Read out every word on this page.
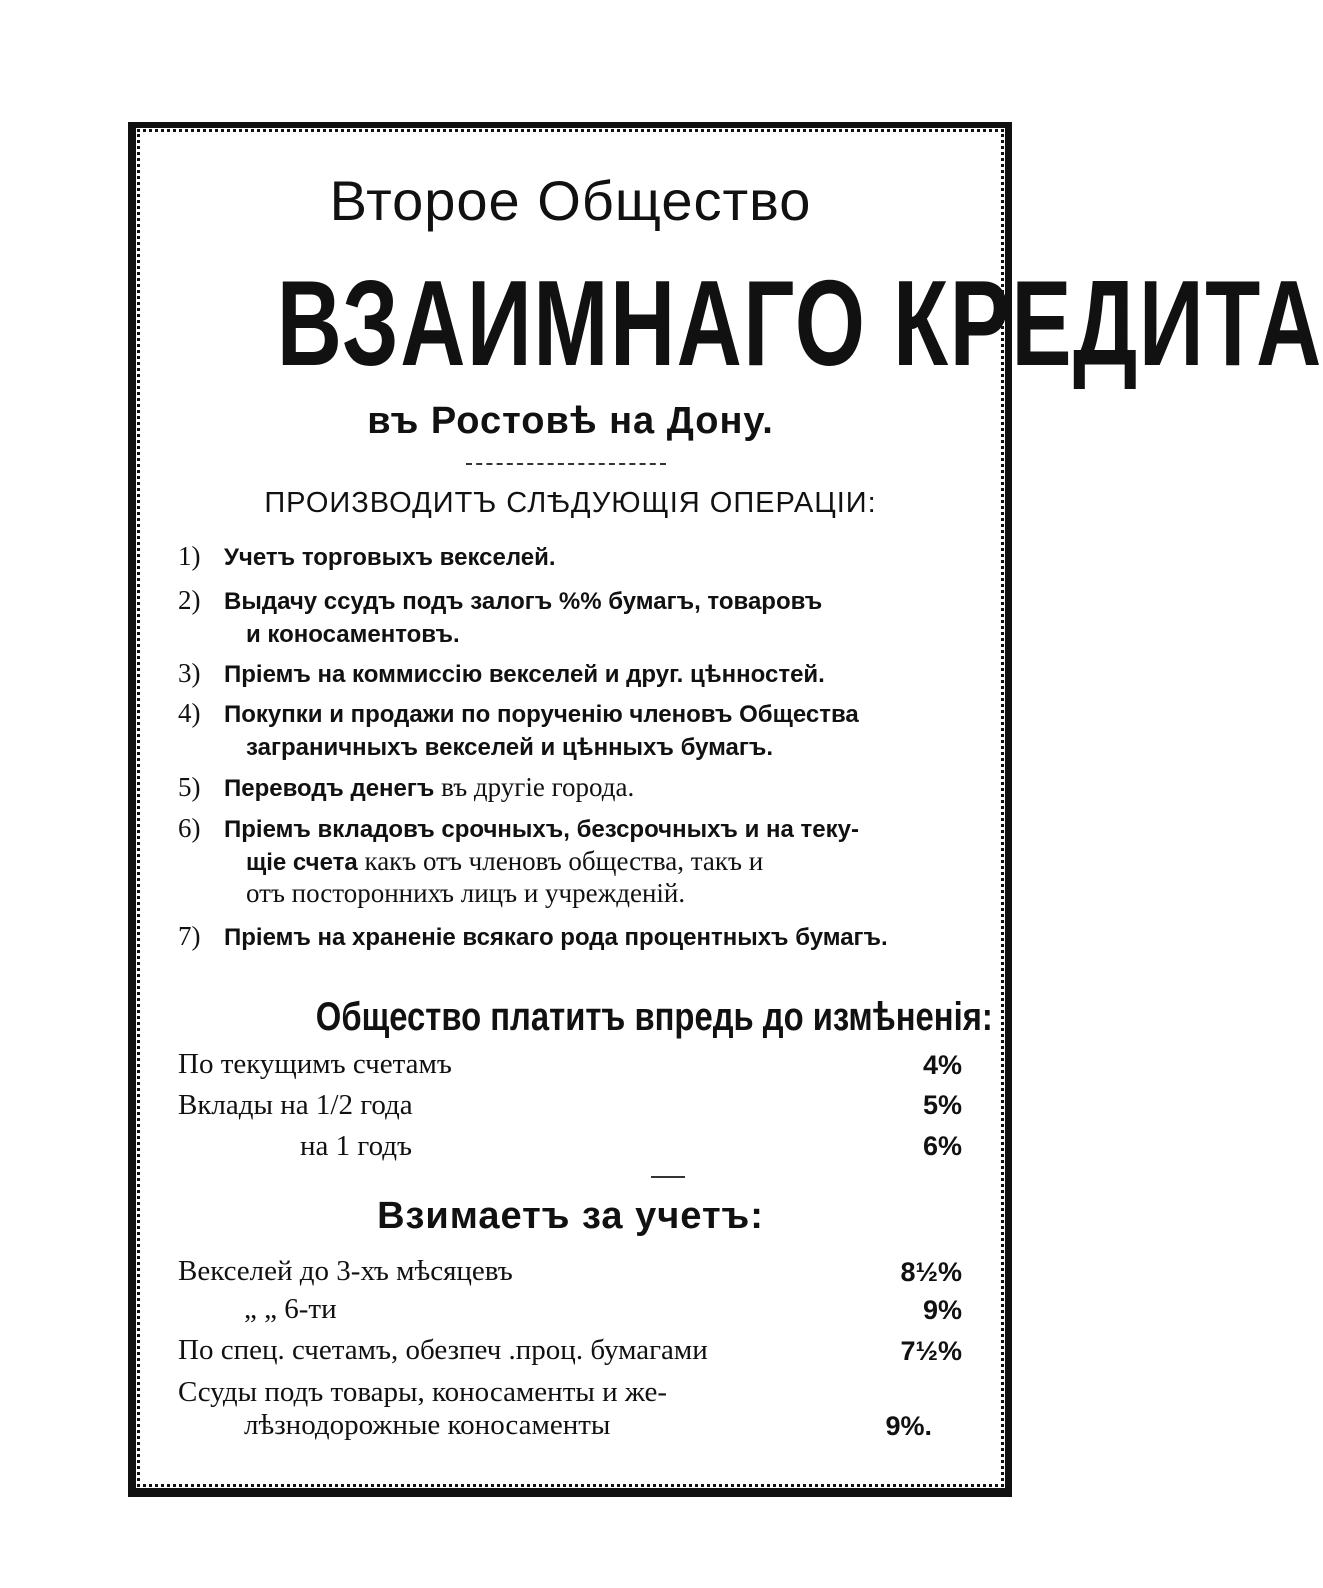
Второе Общество
ВЗАИМНАГО КРЕДИТА
въ Ростовѣ на Дону.
ПРОИЗВОДИТЪ СЛѢДУЮЩІЯ ОПЕРАЦІИ:
1) Учетъ торговыхъ векселей.
2) Выдачу ссудъ подъ залогъ %% бумагъ, товаровъ
и коносаментовъ.
3) Пріемъ на коммиссію векселей и друг. цѣнностей.
4) Покупки и продажи по порученію членовъ Общества
заграничныхъ векселей и цѣнныхъ бумагъ.
5) Переводъ денегъ въ другіе города.
6) Пріемъ вкладовъ срочныхъ, безсрочныхъ и на теку-
щіе счета какъ отъ членовъ общества, такъ и
отъ постороннихъ лицъ и учрежденій.
7) Пріемъ на храненіе всякаго рода процентныхъ бумагъ.
Общество платитъ впредь до измѣненія:
По текущимъ счетамъ	4%
Вклады на 1/2 года	5%
на 1 годъ	6%
Взимаетъ за учетъ:
Векселей до 3-хъ мѣсяцевъ	8½%
„ „ 6-ти	9%
По спец. счетамъ, обезпеч .проц. бумагами	7½%
Ссуды подъ товары, коносаменты и же-
лѣзнодорожные коносаменты	9%.
